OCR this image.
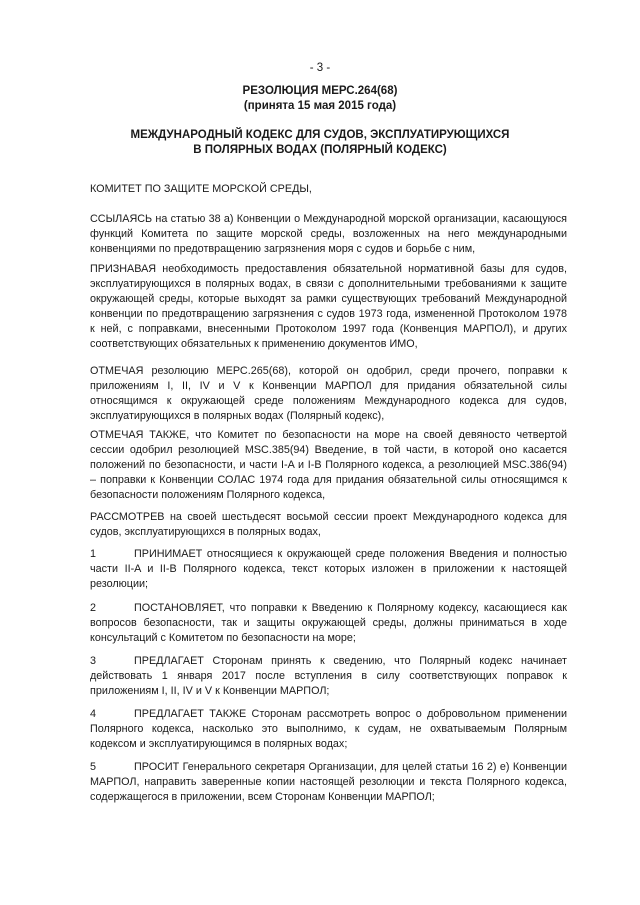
- 3 -
РЕЗОЛЮЦИЯ МЕРС.264(68)
(принята 15 мая 2015 года)
МЕЖДУНАРОДНЫЙ КОДЕКС ДЛЯ СУДОВ, ЭКСПЛУАТИРУЮЩИХСЯ
В ПОЛЯРНЫХ ВОДАХ (ПОЛЯРНЫЙ КОДЕКС)

КОМИТЕТ ПО ЗАЩИТЕ МОРСКОЙ СРЕДЫ,

ССЫЛАЯСЬ на статью 38 а) Конвенции о Международной морской организации, касающуюся функций Комитета по защите морской среды, возложенных на него международными конвенциями по предотвращению загрязнения моря с судов и борьбе с ним,

ПРИЗНАВАЯ необходимость предоставления обязательной нормативной базы для судов, эксплуатирующихся в полярных водах, в связи с дополнительными требованиями к защите окружающей среды, которые выходят за рамки существующих требований Международной конвенции по предотвращению загрязнения с судов 1973 года, измененной Протоколом 1978 к ней, с поправками, внесенными Протоколом 1997 года (Конвенция МАРПОЛ), и других соответствующих обязательных к применению документов ИМО,

ОТМЕЧАЯ резолюцию МЕРС.265(68), которой он одобрил, среди прочего, поправки к приложениям I, II, IV и V к Конвенции МАРПОЛ для придания обязательной силы относящимся к окружающей среде положениям Международного кодекса для судов, эксплуатирующихся в полярных водах (Полярный кодекс),

ОТМЕЧАЯ ТАКЖЕ, что Комитет по безопасности на море на своей девяносто четвертой сессии одобрил резолюцией MSC.385(94) Введение, в той части, в которой оно касается положений по безопасности, и части I-A и I-B Полярного кодекса, а резолюцией MSC.386(94) – поправки к Конвенции СОЛАС 1974 года для придания обязательной силы относящимся к безопасности положениям Полярного кодекса,

РАССМОТРЕВ на своей шестьдесят восьмой сессии проект Международного кодекса для судов, эксплуатирующихся в полярных водах,

1	ПРИНИМАЕТ относящиеся к окружающей среде положения Введения и полностью части II-A и II-B Полярного кодекса, текст которых изложен в приложении к настоящей резолюции;

2	ПОСТАНОВЛЯЕТ, что поправки к Введению к Полярному кодексу, касающиеся как вопросов безопасности, так и защиты окружающей среды, должны приниматься в ходе консультаций с Комитетом по безопасности на море;

3	ПРЕДЛАГАЕТ Сторонам принять к сведению, что Полярный кодекс начинает действовать 1 января 2017 после вступления в силу соответствующих поправок к приложениям I, II, IV и V к Конвенции МАРПОЛ;

4	ПРЕДЛАГАЕТ ТАКЖЕ Сторонам рассмотреть вопрос о добровольном применении Полярного кодекса, насколько это выполнимо, к судам, не охватываемым Полярным кодексом и эксплуатирующимся в полярных водах;

5	ПРОСИТ Генерального секретаря Организации, для целей статьи 16 2) е) Конвенции МАРПОЛ, направить заверенные копии настоящей резолюции и текста Полярного кодекса, содержащегося в приложении, всем Сторонам Конвенции МАРПОЛ;
